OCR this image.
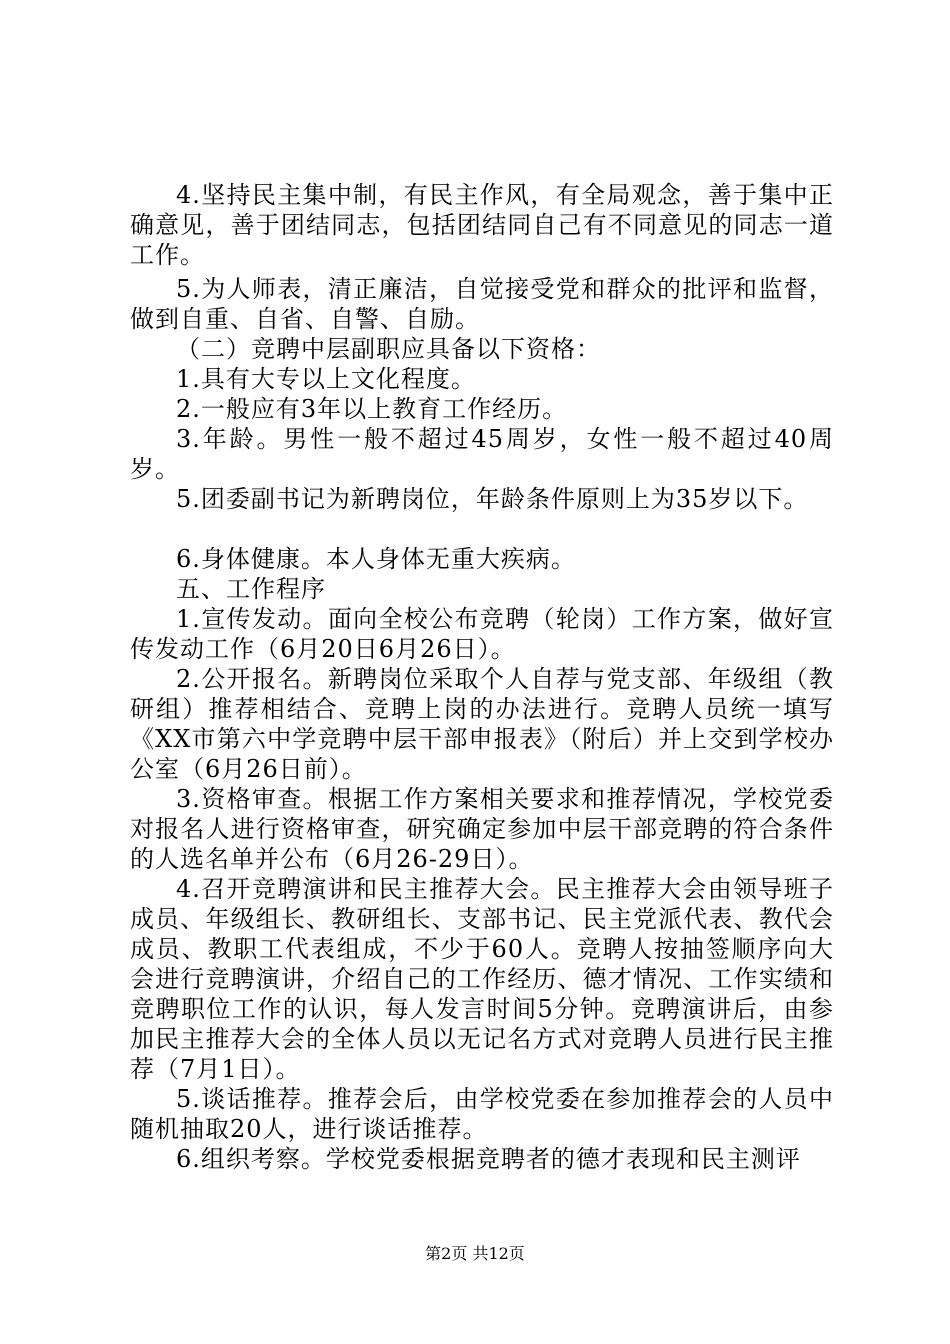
4.坚持民主集中制，有民主作风，有全局观念，善于集中正确意见，善于团结同志，包括团结同自己有不同意见的同志一道工作。

5.为人师表，清正廉洁，自觉接受党和群众的批评和监督，做到自重、自省、自警、自励。

（二）竞聘中层副职应具备以下资格：

1.具有大专以上文化程度。

2.一般应有3年以上教育工作经历。

3.年龄。男性一般不超过45周岁，女性一般不超过40周岁。

5.团委副书记为新聘岗位，年龄条件原则上为35岁以下。

6.身体健康。本人身体无重大疾病。

五、工作程序

1.宣传发动。面向全校公布竞聘（轮岗）工作方案，做好宣传发动工作（6月20日6月26日）。

2.公开报名。新聘岗位采取个人自荐与党支部、年级组（教研组）推荐相结合、竞聘上岗的办法进行。竞聘人员统一填写《XX市第六中学竞聘中层干部申报表》（附后）并上交到学校办公室（6月26日前）。

3.资格审查。根据工作方案相关要求和推荐情况，学校党委对报名人进行资格审查，研究确定参加中层干部竞聘的符合条件的人选名单并公布（6月26-29日）。

4.召开竞聘演讲和民主推荐大会。民主推荐大会由领导班子成员、年级组长、教研组长、支部书记、民主党派代表、教代会成员、教职工代表组成，不少于60人。竞聘人按抽签顺序向大会进行竞聘演讲，介绍自己的工作经历、德才情况、工作实绩和竞聘职位工作的认识，每人发言时间5分钟。竞聘演讲后，由参加民主推荐大会的全体人员以无记名方式对竞聘人员进行民主推荐（7月1日）。

5.谈话推荐。推荐会后，由学校党委在参加推荐会的人员中随机抽取20人，进行谈话推荐。

6.组织考察。学校党委根据竞聘者的德才表现和民主测评

第2页 共12页
